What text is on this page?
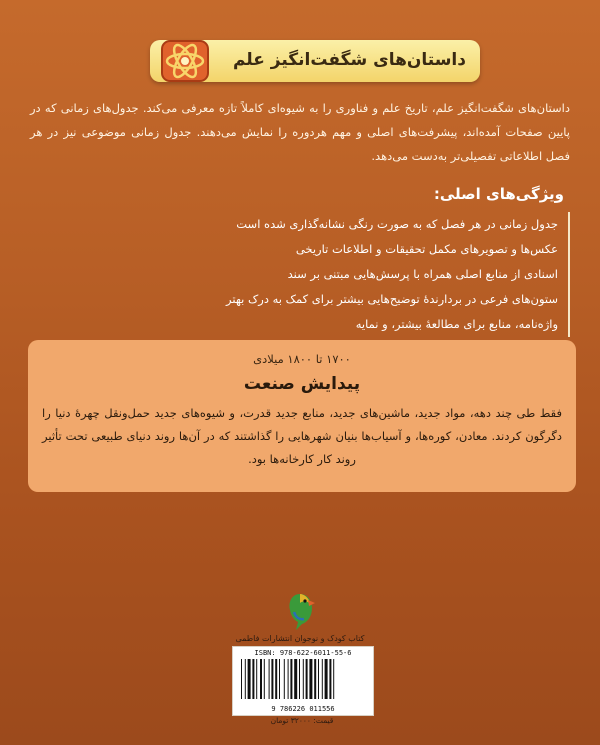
داستان‌های شگفت‌انگیز علم
داستان‌های شگفت‌انگیز علم، تاریخ علم و فناوری را به شیوه‌ای کاملاً تازه معرفی می‌کند. جدول‌های زمانی که در پایین صفحات آمده‌اند، پیشرفت‌های اصلی و مهم هردوره را نمایش می‌دهند. جدول زمانی موضوعی نیز در هر فصل اطلاعاتی تفصیلی‌تر به‌دست می‌دهد.
ویژگی‌های اصلی:
جدول زمانی در هر فصل که به صورت رنگی نشانه‌گذاری شده است
عکس‌ها و تصویرهای مکمل تحقیقات و اطلاعات تاریخی
اسنادی از منابع اصلی همراه با پرسش‌هایی مبتنی بر سند
ستون‌های فرعی در بردارندهٔ توضیح‌هایی بیشتر برای کمک به درک بهتر
واژه‌نامه، منابع برای مطالعهٔ بیشتر، و نمایه
۱۷۰۰ تا ۱۸۰۰ میلادی
پیدایش صنعت
فقط طی چند دهه، مواد جدید، ماشین‌های جدید، منابع جدید قدرت، و شیوه‌های جدید حمل‌ونقل چهرهٔ دنیا را دگرگون کردند. معادن، کوره‌ها، و آسیاب‌ها بنیان شهرهایی را گذاشتند که در آن‌ها روند دنیای طبیعی تحت تأثیر روند کار کارخانه‌ها بود.
کتاب کودک و نوجوان انتشارات فاطمی
ISBN: 978-622-6011-55-6
9 786226 011556
قیمت: ۳۲۰۰۰ تومان
